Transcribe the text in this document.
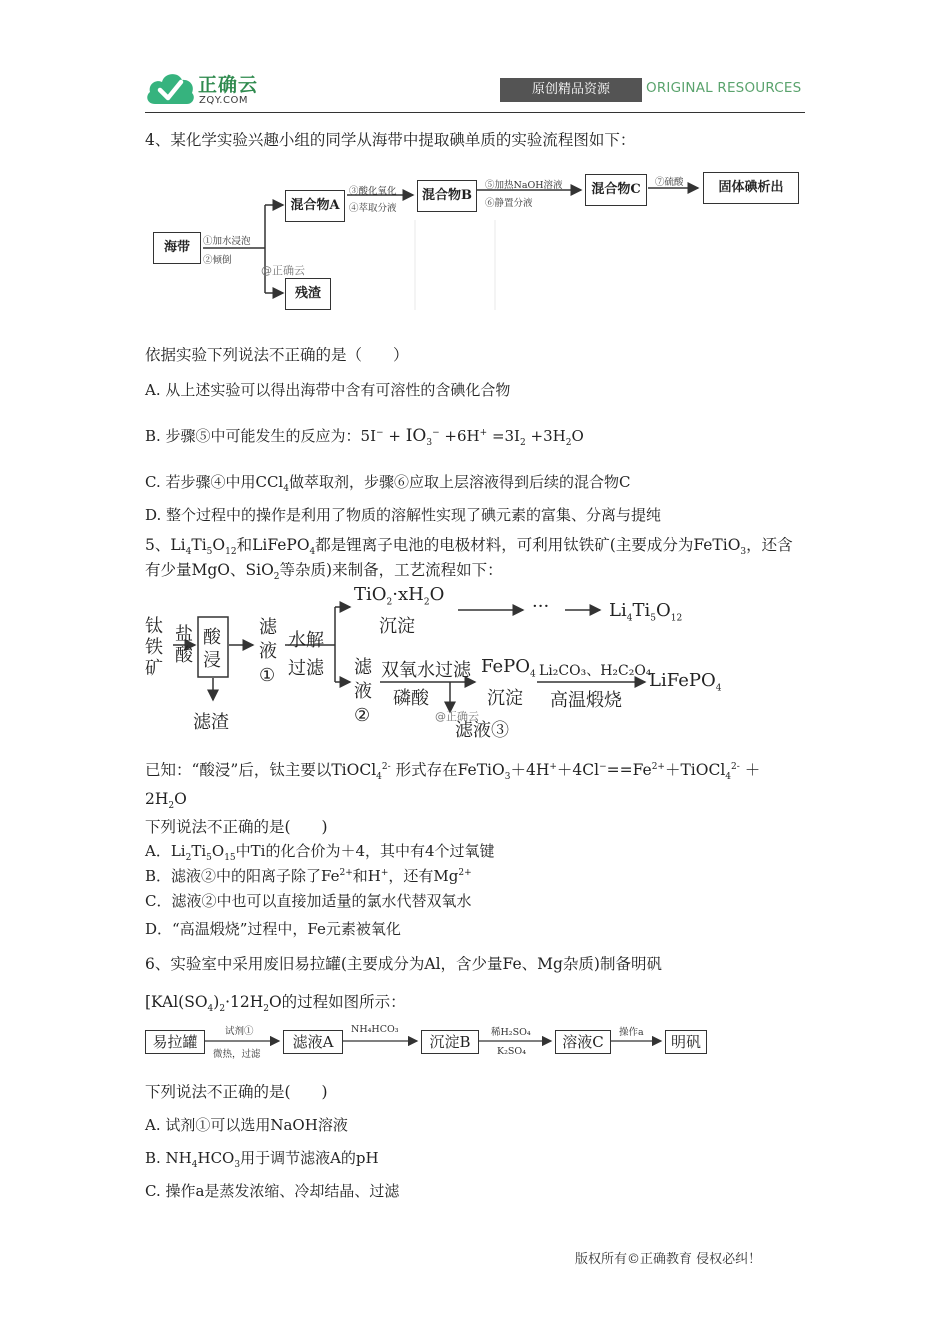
正确云
ZQY.COM
原创精品资源	ORIGINAL RESOURCES
4、某化学实验兴趣小组的同学从海带中提取碘单质的实验流程图如下：
海带	①加水浸泡
②倾倒
混合物A
③酸化氧化
④萃取分液
混合物B
⑤加热NaOH溶液
⑥静置分液
混合物C	⑦硫酸	固体碘析出
残渣
@正确云
依据实验下列说法不正确的是（　　）
A. 从上述实验可以得出海带中含有可溶性的含碘化合物
B. 步骤⑤中可能发生的反应为：$5I^- + IO_3^- +6H^+ =3I_2 +3H_2O$
C. 若步骤④中用CCl$_4$做萃取剂，步骤⑥应取上层溶液得到后续的混合物C
D. 整个过程中的操作是利用了物质的溶解性实现了碘元素的富集、分离与提纯
5、$Li_4Ti_5O_{12}$和LiFePO$_4$都是锂离子电池的电极材料，可利用钛铁矿(主要成分为FeTiO$_3$，还含
有少量MgO、SiO$_2$等杂质)来制备，工艺流程如下：
钛
铁
矿
盐
酸
酸
浸
滤
液
①
水解
过滤
$TiO_2\cdot xH_2O$
沉淀
···	$Li_4Ti_5O_{12}$
滤
液
②
双氧水
磷酸
过滤 FePO$_4$
沉淀
Li₂CO₃、H₂C₂O₄
高温煅烧
LiFePO$_4$
滤渣	滤液③
@正确云
已知：“酸浸”后，钛主要以TiOCl$_4^{2-}$ 形式存在$FeTiO_3+4H^++4Cl^-==Fe^{2+}+TiOCl_4^{2-}$ ＋
$2H_2O$
下列说法不正确的是(　　)
A．$Li_2Ti_5O_{15}$中Ti的化合价为＋4，其中有4个过氧键
B．滤液②中的阳离子除了$Fe^{2+}$和H+，还有$Mg^{2+}$
C．滤液②中也可以直接加适量的氯水代替双氧水
D．“高温煅烧”过程中，Fe元素被氧化
6、实验室中采用废旧易拉罐(主要成分为Al，含少量Fe、Mg杂质)制备明矾
[$KAl(SO_4)_2\cdot 12H_2O$的过程如图所示：
易拉罐
试剂①
微热，过滤
滤液A
NH₄HCO₃
沉淀B
稀H₂SO₄
K₂SO₄
溶液C
操作a
明矾
下列说法不正确的是(　　)
A. 试剂①可以选用NaOH溶液
B. $NH_4HCO_3$用于调节滤液A的pH
C. 操作a是蒸发浓缩、冷却结晶、过滤
版权所有©正确教育 侵权必纠！
